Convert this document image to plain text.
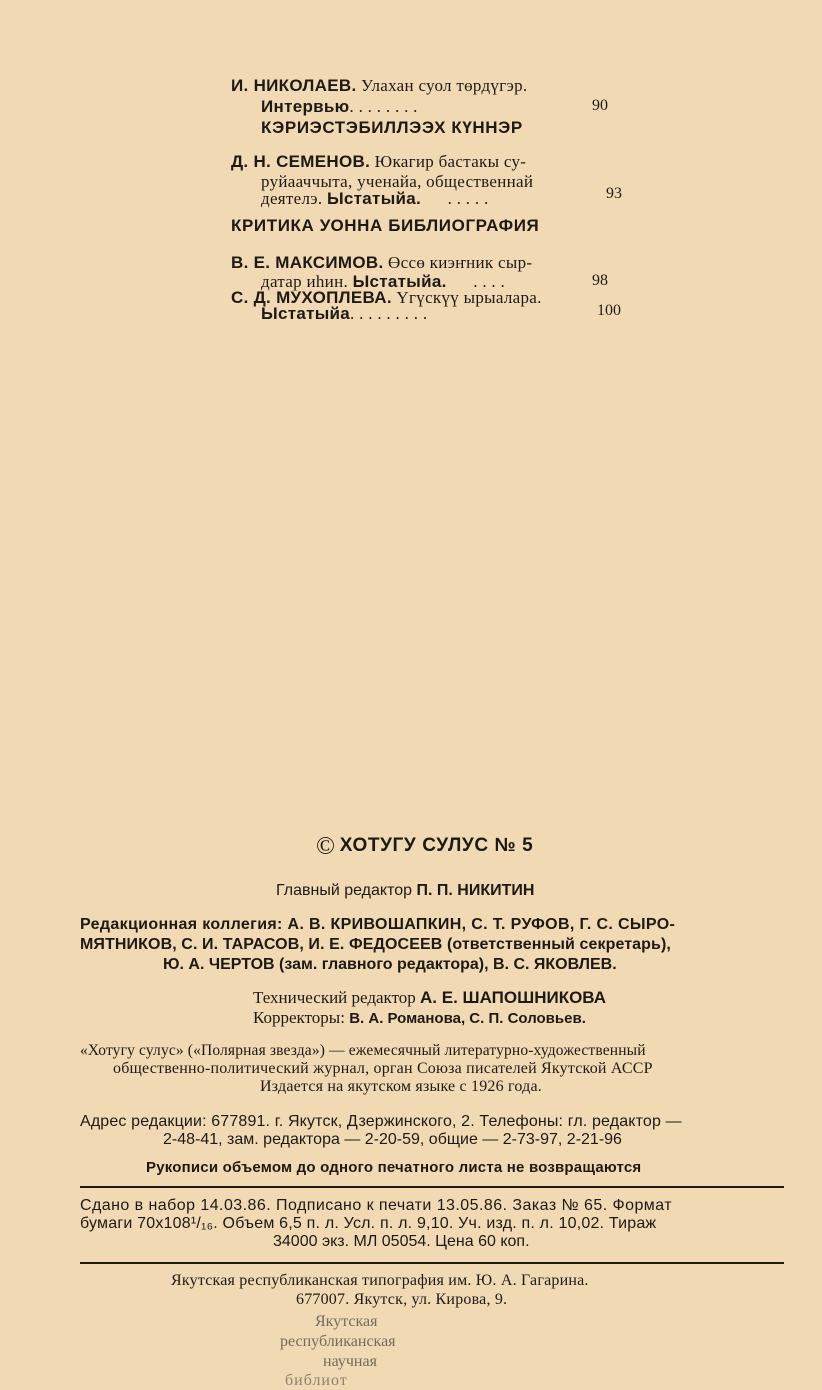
И. НИКОЛАЕВ. Улахан суол төрдүгэр.
Интервью. . . . . . . .	90
КЭРИЭСТЭБИЛЛЭЭХ КҮННЭР
Д. Н. СЕМЕНОВ. Юкагир бастакы су-
руйааччыта, ученайа, общественнай
деятелэ. Ыстатыйа. . . . . .	93
КРИТИКА УОННА БИБЛИОГРАФИЯ
В. Е. МАКСИМОВ. Өссө киэҥник сыр-
датар иһин. Ыстатыйа. . . . .	98
С. Д. МУХОПЛЕВА. Үгүскүү ырыалара.
Ыстатыйа. . . . . . . . .	100
© ХОТУГУ СУЛУС № 5
Главный редактор П. П. НИКИТИН
Редакционная коллегия: А. В. КРИВОШАПКИН, С. Т. РУФОВ, Г. С. СЫРО-
МЯТНИКОВ, С. И. ТАРАСОВ, И. Е. ФЕДОСЕЕВ (ответственный секретарь),
Ю. А. ЧЕРТОВ (зам. главного редактора), В. С. ЯКОВЛЕВ.
Технический редактор А. Е. ШАПОШНИКОВА
Корректоры: В. А. Романова, С. П. Соловьев.
«Хотугу сулус» («Полярная звезда») — ежемесячный литературно-художественный
общественно-политический журнал, орган Союза писателей Якутской АССР
Издается на якутском языке с 1926 года.
Адрес редакции: 677891. г. Якутск, Дзержинского, 2. Телефоны: гл. редактор —
2-48-41, зам. редактора — 2-20-59, общие — 2-73-97, 2-21-96
Рукописи объемом до одного печатного листа не возвращаются
Сдано в набор 14.03.86. Подписано к печати 13.05.86. Заказ № 65. Формат
бумаги 70x108¹/₁₆. Объем 6,5 п. л. Усл. п. л. 9,10. Уч. изд. п. л. 10,02. Тираж
34000 экз. МЛ 05054. Цена 60 коп.
Якутская республиканская типография им. Ю. А. Гагарина.
677007. Якутск, ул. Кирова, 9.
Якутская
республиканская
научная
библиот
